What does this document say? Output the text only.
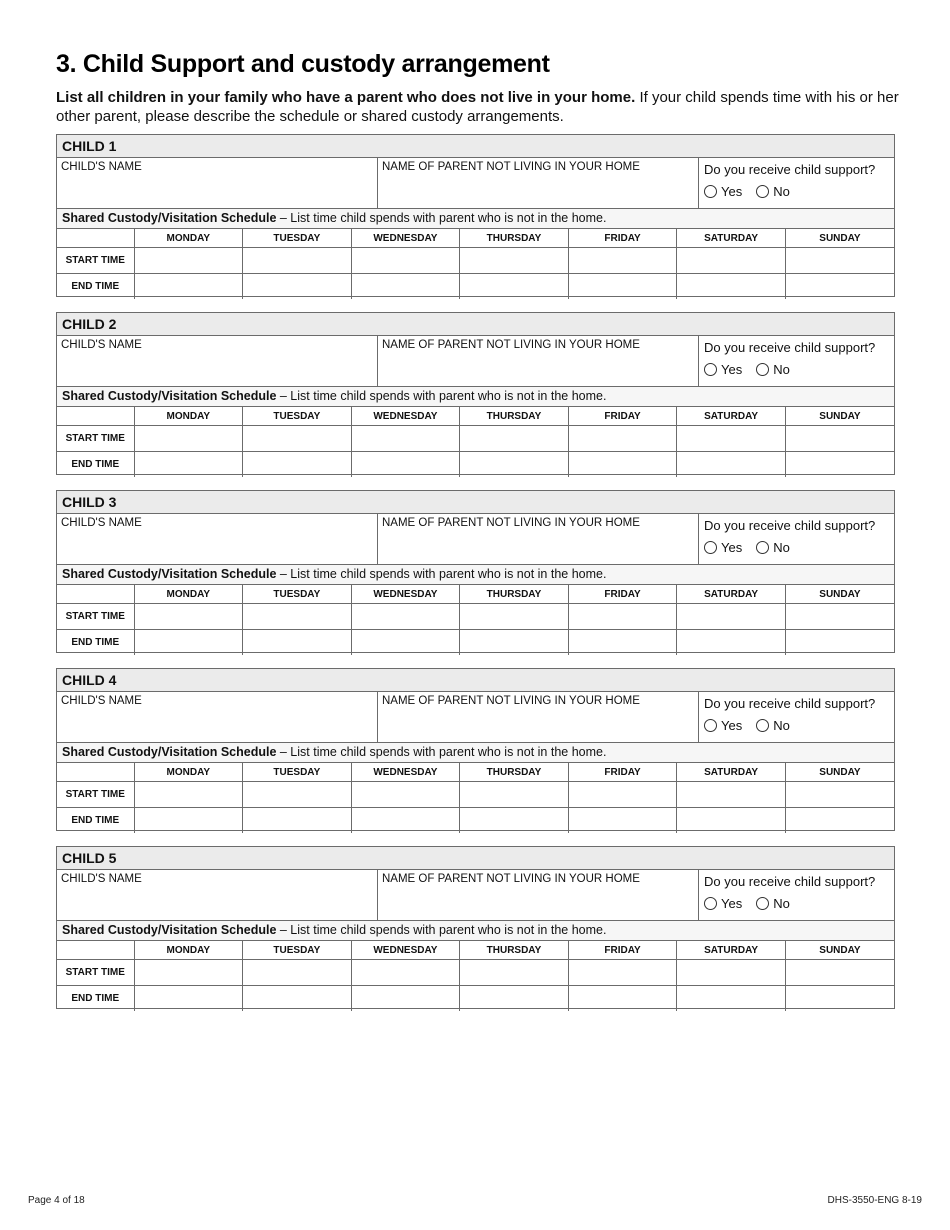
3. Child Support and custody arrangement

List all children in your family who have a parent who does not live in your home. If your child spends time with his or her other parent, please describe the schedule or shared custody arrangements.

CHILD 1
CHILD'S NAME	NAME OF PARENT NOT LIVING IN YOUR HOME	Do you receive child support?
Yes No
Shared Custody/Visitation Schedule – List time child spends with parent who is not in the home.
	MONDAY	TUESDAY	WEDNESDAY	THURSDAY	FRIDAY	SATURDAY	SUNDAY
START TIME							
END TIME							
CHILD 2
CHILD'S NAME	NAME OF PARENT NOT LIVING IN YOUR HOME	Do you receive child support?
Yes No
Shared Custody/Visitation Schedule – List time child spends with parent who is not in the home.
	MONDAY	TUESDAY	WEDNESDAY	THURSDAY	FRIDAY	SATURDAY	SUNDAY
START TIME							
END TIME							
CHILD 3
CHILD'S NAME	NAME OF PARENT NOT LIVING IN YOUR HOME	Do you receive child support?
Yes No
Shared Custody/Visitation Schedule – List time child spends with parent who is not in the home.
	MONDAY	TUESDAY	WEDNESDAY	THURSDAY	FRIDAY	SATURDAY	SUNDAY
START TIME							
END TIME							
CHILD 4
CHILD'S NAME	NAME OF PARENT NOT LIVING IN YOUR HOME	Do you receive child support?
Yes No
Shared Custody/Visitation Schedule – List time child spends with parent who is not in the home.
	MONDAY	TUESDAY	WEDNESDAY	THURSDAY	FRIDAY	SATURDAY	SUNDAY
START TIME							
END TIME							
CHILD 5
CHILD'S NAME	NAME OF PARENT NOT LIVING IN YOUR HOME	Do you receive child support?
Yes No
Shared Custody/Visitation Schedule – List time child spends with parent who is not in the home.
	MONDAY	TUESDAY	WEDNESDAY	THURSDAY	FRIDAY	SATURDAY	SUNDAY
START TIME							
END TIME							
Page 4 of 18	DHS-3550-ENG 8-19
